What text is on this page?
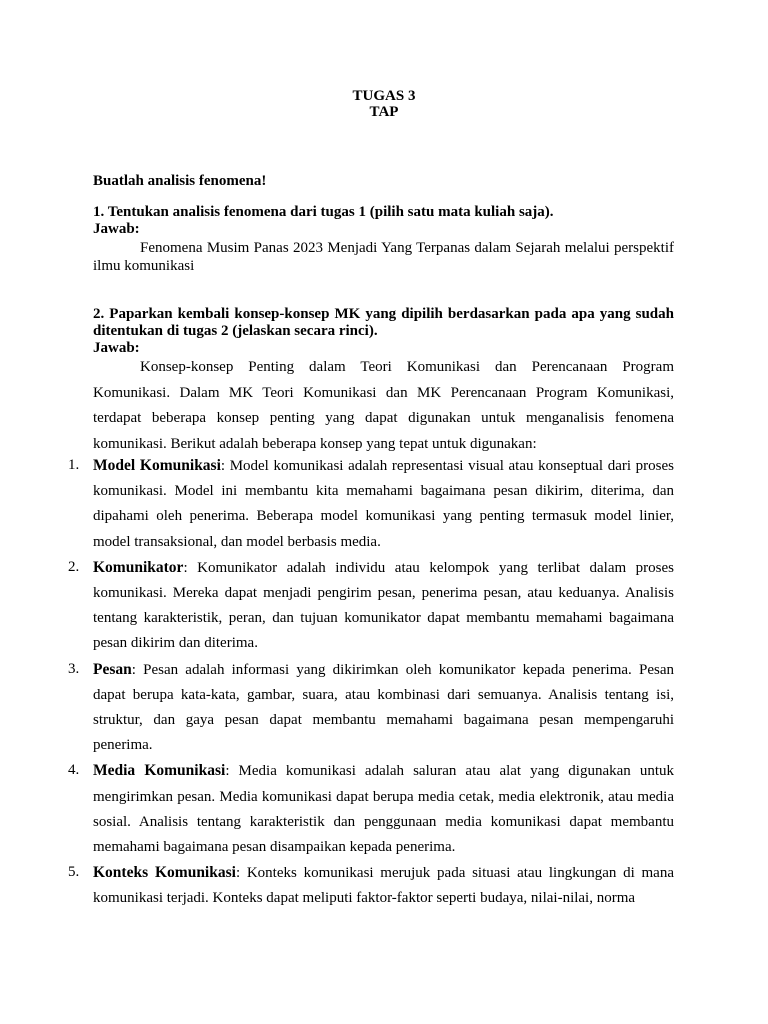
TUGAS 3
TAP
Buatlah analisis fenomena!
1. Tentukan analisis fenomena dari tugas 1 (pilih satu mata kuliah saja).
Jawab:
Fenomena Musim Panas 2023 Menjadi Yang Terpanas dalam Sejarah melalui perspektif ilmu komunikasi
2. Paparkan kembali konsep-konsep MK yang dipilih berdasarkan pada apa yang sudah ditentukan di tugas 2 (jelaskan secara rinci).
Jawab:
Konsep-konsep Penting dalam Teori Komunikasi dan Perencanaan Program Komunikasi. Dalam MK Teori Komunikasi dan MK Perencanaan Program Komunikasi, terdapat beberapa konsep penting yang dapat digunakan untuk menganalisis fenomena komunikasi. Berikut adalah beberapa konsep yang tepat untuk digunakan:
1. Model Komunikasi: Model komunikasi adalah representasi visual atau konseptual dari proses komunikasi. Model ini membantu kita memahami bagaimana pesan dikirim, diterima, dan dipahami oleh penerima. Beberapa model komunikasi yang penting termasuk model linier, model transaksional, dan model berbasis media.
2. Komunikator: Komunikator adalah individu atau kelompok yang terlibat dalam proses komunikasi. Mereka dapat menjadi pengirim pesan, penerima pesan, atau keduanya. Analisis tentang karakteristik, peran, dan tujuan komunikator dapat membantu memahami bagaimana pesan dikirim dan diterima.
3. Pesan: Pesan adalah informasi yang dikirimkan oleh komunikator kepada penerima. Pesan dapat berupa kata-kata, gambar, suara, atau kombinasi dari semuanya. Analisis tentang isi, struktur, dan gaya pesan dapat membantu memahami bagaimana pesan mempengaruhi penerima.
4. Media Komunikasi: Media komunikasi adalah saluran atau alat yang digunakan untuk mengirimkan pesan. Media komunikasi dapat berupa media cetak, media elektronik, atau media sosial. Analisis tentang karakteristik dan penggunaan media komunikasi dapat membantu memahami bagaimana pesan disampaikan kepada penerima.
5. Konteks Komunikasi: Konteks komunikasi merujuk pada situasi atau lingkungan di mana komunikasi terjadi. Konteks dapat meliputi faktor-faktor seperti budaya, nilai-nilai, norma
